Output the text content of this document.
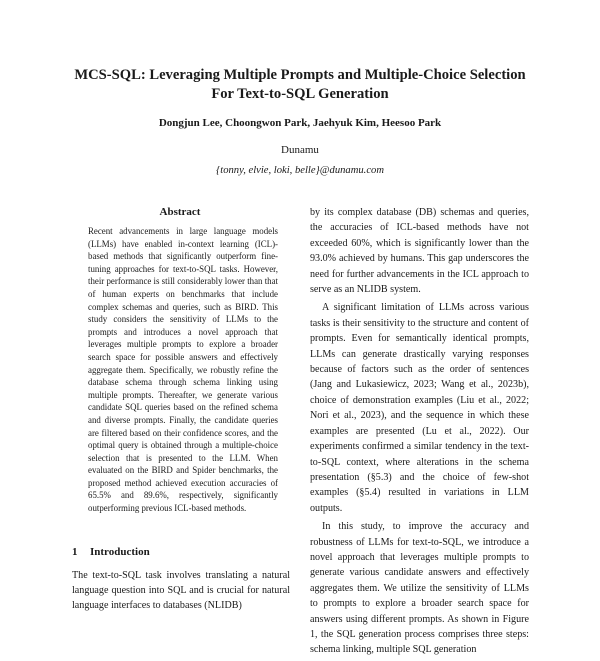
MCS-SQL: Leveraging Multiple Prompts and Multiple-Choice Selection
For Text-to-SQL Generation
Dongjun Lee, Choongwon Park, Jaehyuk Kim, Heesoo Park
Dunamu
{tonny, elvie, loki, belle}@dunamu.com
Abstract

Recent advancements in large language models (LLMs) have enabled in-context learning (ICL)-based methods that significantly outperform fine-tuning approaches for text-to-SQL tasks. However, their performance is still considerably lower than that of human experts on benchmarks that include complex schemas and queries, such as BIRD. This study considers the sensitivity of LLMs to the prompts and introduces a novel approach that leverages multiple prompts to explore a broader search space for possible answers and effectively aggregate them. Specifically, we robustly refine the database schema through schema linking using multiple prompts. Thereafter, we generate various candidate SQL queries based on the refined schema and diverse prompts. Finally, the candidate queries are filtered based on their confidence scores, and the optimal query is obtained through a multiple-choice selection that is presented to the LLM. When evaluated on the BIRD and Spider benchmarks, the proposed method achieved execution accuracies of 65.5% and 89.6%, respectively, significantly outperforming previous ICL-based methods.

1 Introduction

The text-to-SQL task involves translating a natural language question into SQL and is crucial for natural language interfaces to databases (NLIDB)

by its complex database (DB) schemas and queries, the accuracies of ICL-based methods have not exceeded 60%, which is significantly lower than the 93.0% achieved by humans. This gap underscores the need for further advancements in the ICL approach to serve as an NLIDB system.

A significant limitation of LLMs across various tasks is their sensitivity to the structure and content of prompts. Even for semantically identical prompts, LLMs can generate drastically varying responses because of factors such as the order of sentences (Jang and Lukasiewicz, 2023; Wang et al., 2023b), choice of demonstration examples (Liu et al., 2022; Nori et al., 2023), and the sequence in which these examples are presented (Lu et al., 2022). Our experiments confirmed a similar tendency in the text-to-SQL context, where alterations in the schema presentation (§5.3) and the choice of few-shot examples (§5.4) resulted in variations in LLM outputs.

In this study, to improve the accuracy and robustness of LLMs for text-to-SQL, we introduce a novel approach that leverages multiple prompts to generate various candidate answers and effectively aggregates them. We utilize the sensitivity of LLMs to prompts to explore a broader search space for answers using different prompts. As shown in Figure 1, the SQL generation process comprises three steps: schema linking, multiple SQL generation
